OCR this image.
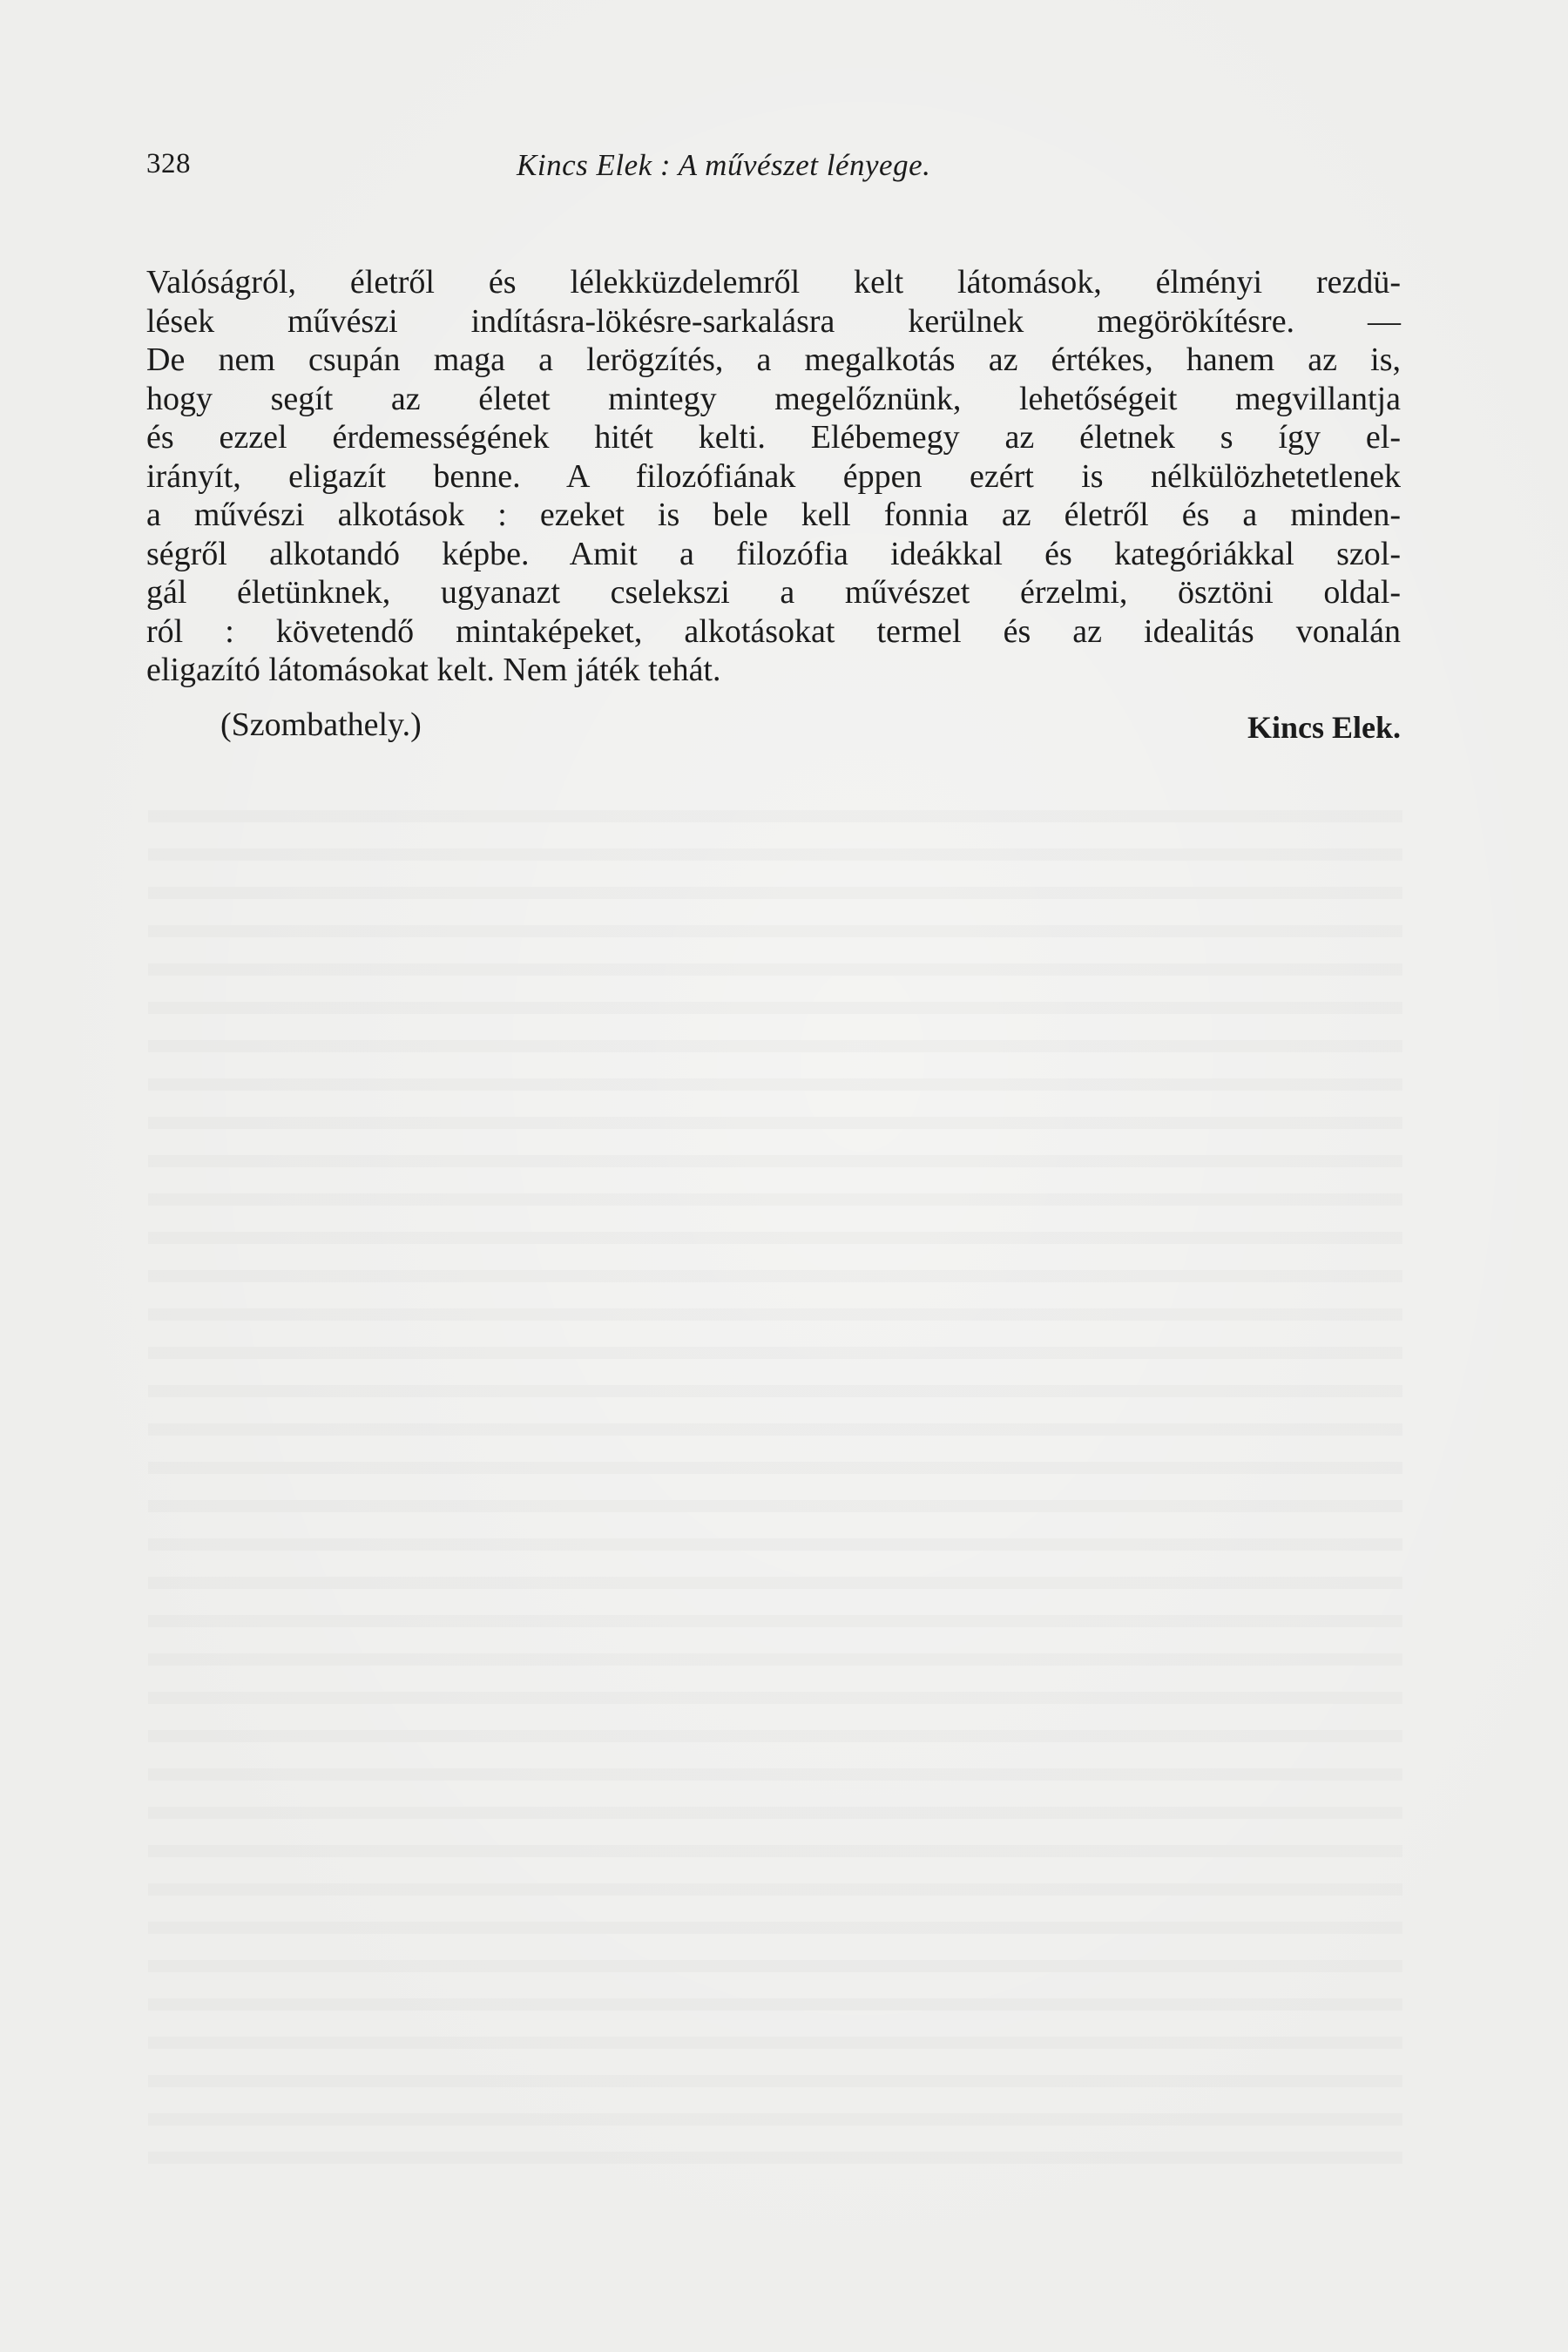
328	Kincs Elek : A művészet lényege.
Valóságról, életről és lélekküzdelemről kelt látomások, élményi rezdü-
lések művészi indításra-lökésre-sarkalásra kerülnek megörökítésre. —
De nem csupán maga a lerögzítés, a megalkotás az értékes, hanem az is,
hogy segít az életet mintegy megelőznünk, lehetőségeit megvillantja
és ezzel érdemességének hitét kelti. Elébemegy az életnek s így el-
irányít, eligazít benne. A filozófiának éppen ezért is nélkülözhetetlenek
a művészi alkotások : ezeket is bele kell fonnia az életről és a minden-
ségről alkotandó képbe. Amit a filozófia ideákkal és kategóriákkal szol-
gál életünknek, ugyanazt cselekszi a művészet érzelmi, ösztöni oldal-
ról : követendő mintaképeket, alkotásokat termel és az idealitás vonalán
eligazító látomásokat kelt. Nem játék tehát.
(Szombathely.)	Kincs Elek.
